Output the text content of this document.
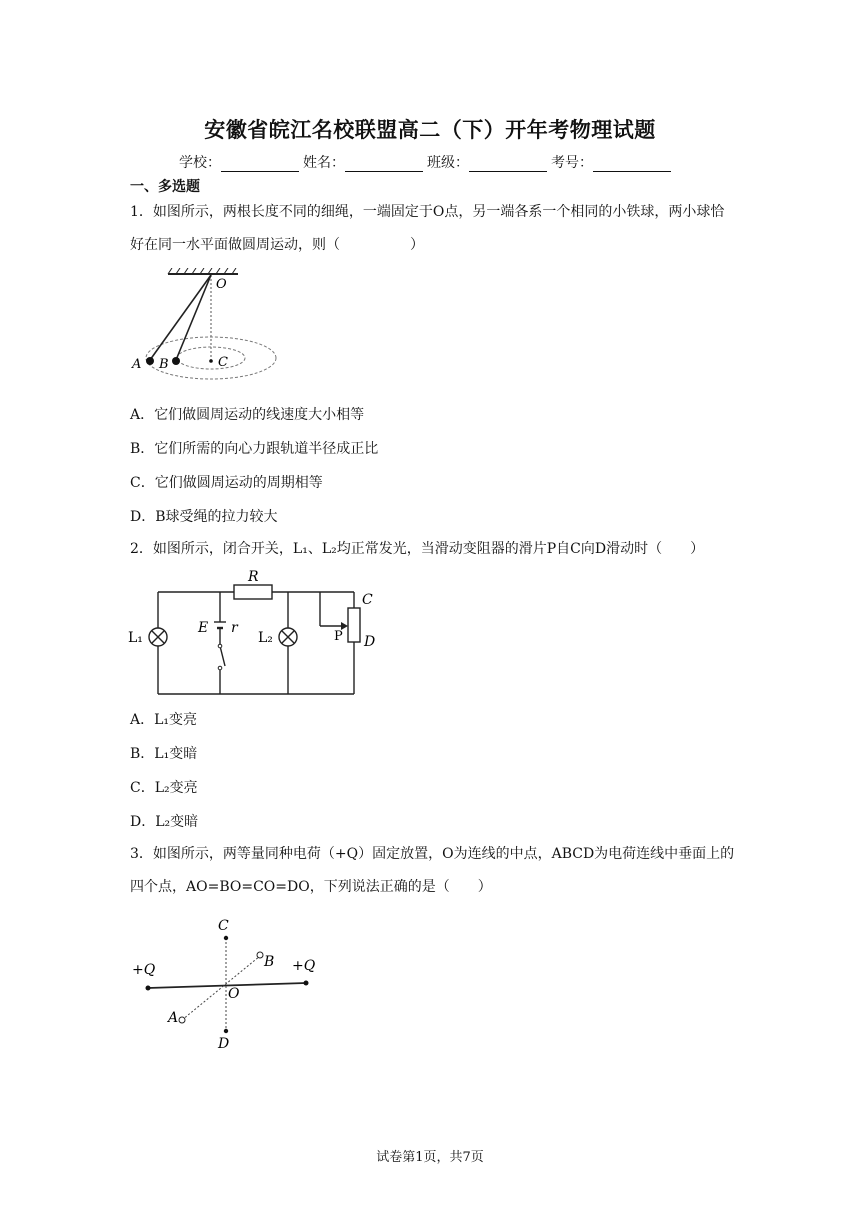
安徽省皖江名校联盟高二（下）开年考物理试题
学校：	姓名：	班级：	考号：
一、多选题
1．如图所示，两根长度不同的细绳，一端固定于O点，另一端各系一个相同的小铁球，两小球恰好在同一水平面做圆周运动，则（　　　　　）
O
A B	C
A．它们做圆周运动的线速度大小相等
B．它们所需的向心力跟轨道半径成正比
C．它们做圆周运动的周期相等
D．B球受绳的拉力较大
2．如图所示，闭合开关，L₁、L₂均正常发光，当滑动变阻器的滑片P自C向D滑动时（　　）
R
E r
L₁	L₂	P
C
D
A．L₁变亮
B．L₁变暗
C．L₂变亮
D．L₂变暗
3．如图所示，两等量同种电荷（+Q）固定放置，O为连线的中点，ABCD为电荷连线中垂面上的四个点，AO=BO=CO=DO，下列说法正确的是（　　）
+Q	+Q
C
D
O
A
B
试卷第1页，共7页
